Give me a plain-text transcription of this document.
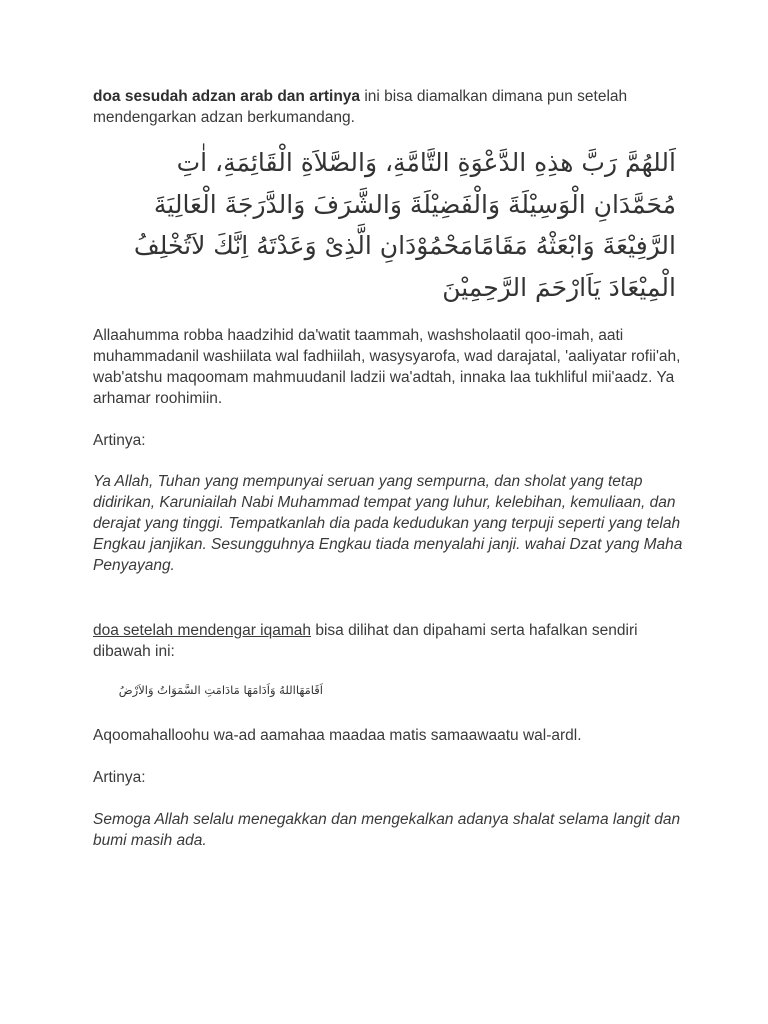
doa sesudah adzan arab dan artinya ini bisa diamalkan dimana pun setelah mendengarkan adzan berkumandang.

اَللهُمَّ رَبَّ هذِهِ الدَّعْوَةِ التَّامَّةِ، وَالصَّلاَةِ الْقَائِمَةِ، اٰتِ
مُحَمَّدَانِ الْوَسِيْلَةَ وَالْفَضِيْلَةَ وَالشَّرَفَ وَالدَّرَجَةَ الْعَالِيَةَ
الرَّفِيْعَةَ وَابْعَثْهُ مَقَامًامَحْمُوْدَانِ الَّذِىْ وَعَدْتَهُ اِنَّكَ لاَتُخْلِفُ
الْمِيْعَادَ يَاَارْحَمَ الرَّحِمِيْنَ

Allaahumma robba haadzihid da'watit taammah, washsholaatil qoo-imah, aati muhammadanil washiilata wal fadhiilah, wasysyarofa, wad darajatal, 'aaliyatar rofii'ah, wab'atshu maqoomam mahmuudanil ladzii wa'adtah, innaka laa tukhliful mii'aadz. Ya arhamar roohimiin.

Artinya:

Ya Allah, Tuhan yang mempunyai seruan yang sempurna, dan sholat yang tetap didirikan, Karuniailah Nabi Muhammad tempat yang luhur, kelebihan, kemuliaan, dan derajat yang tinggi. Tempatkanlah dia pada kedudukan yang terpuji seperti yang telah Engkau janjikan. Sesungguhnya Engkau tiada menyalahi janji. wahai Dzat yang Maha Penyayang.

doa setelah mendengar iqamah bisa dilihat dan dipahami serta hafalkan sendiri dibawah ini:

اَقَامَهَااللهُ وَاَدَامَهَا مَادَامَتِ السَّمَوَاتُ وَالاَرْضُ

Aqoomahalloohu wa-ad aamahaa maadaa matis samaawaatu wal-ardl.

Artinya:

Semoga Allah selalu menegakkan dan mengekalkan adanya shalat selama langit dan bumi masih ada.
